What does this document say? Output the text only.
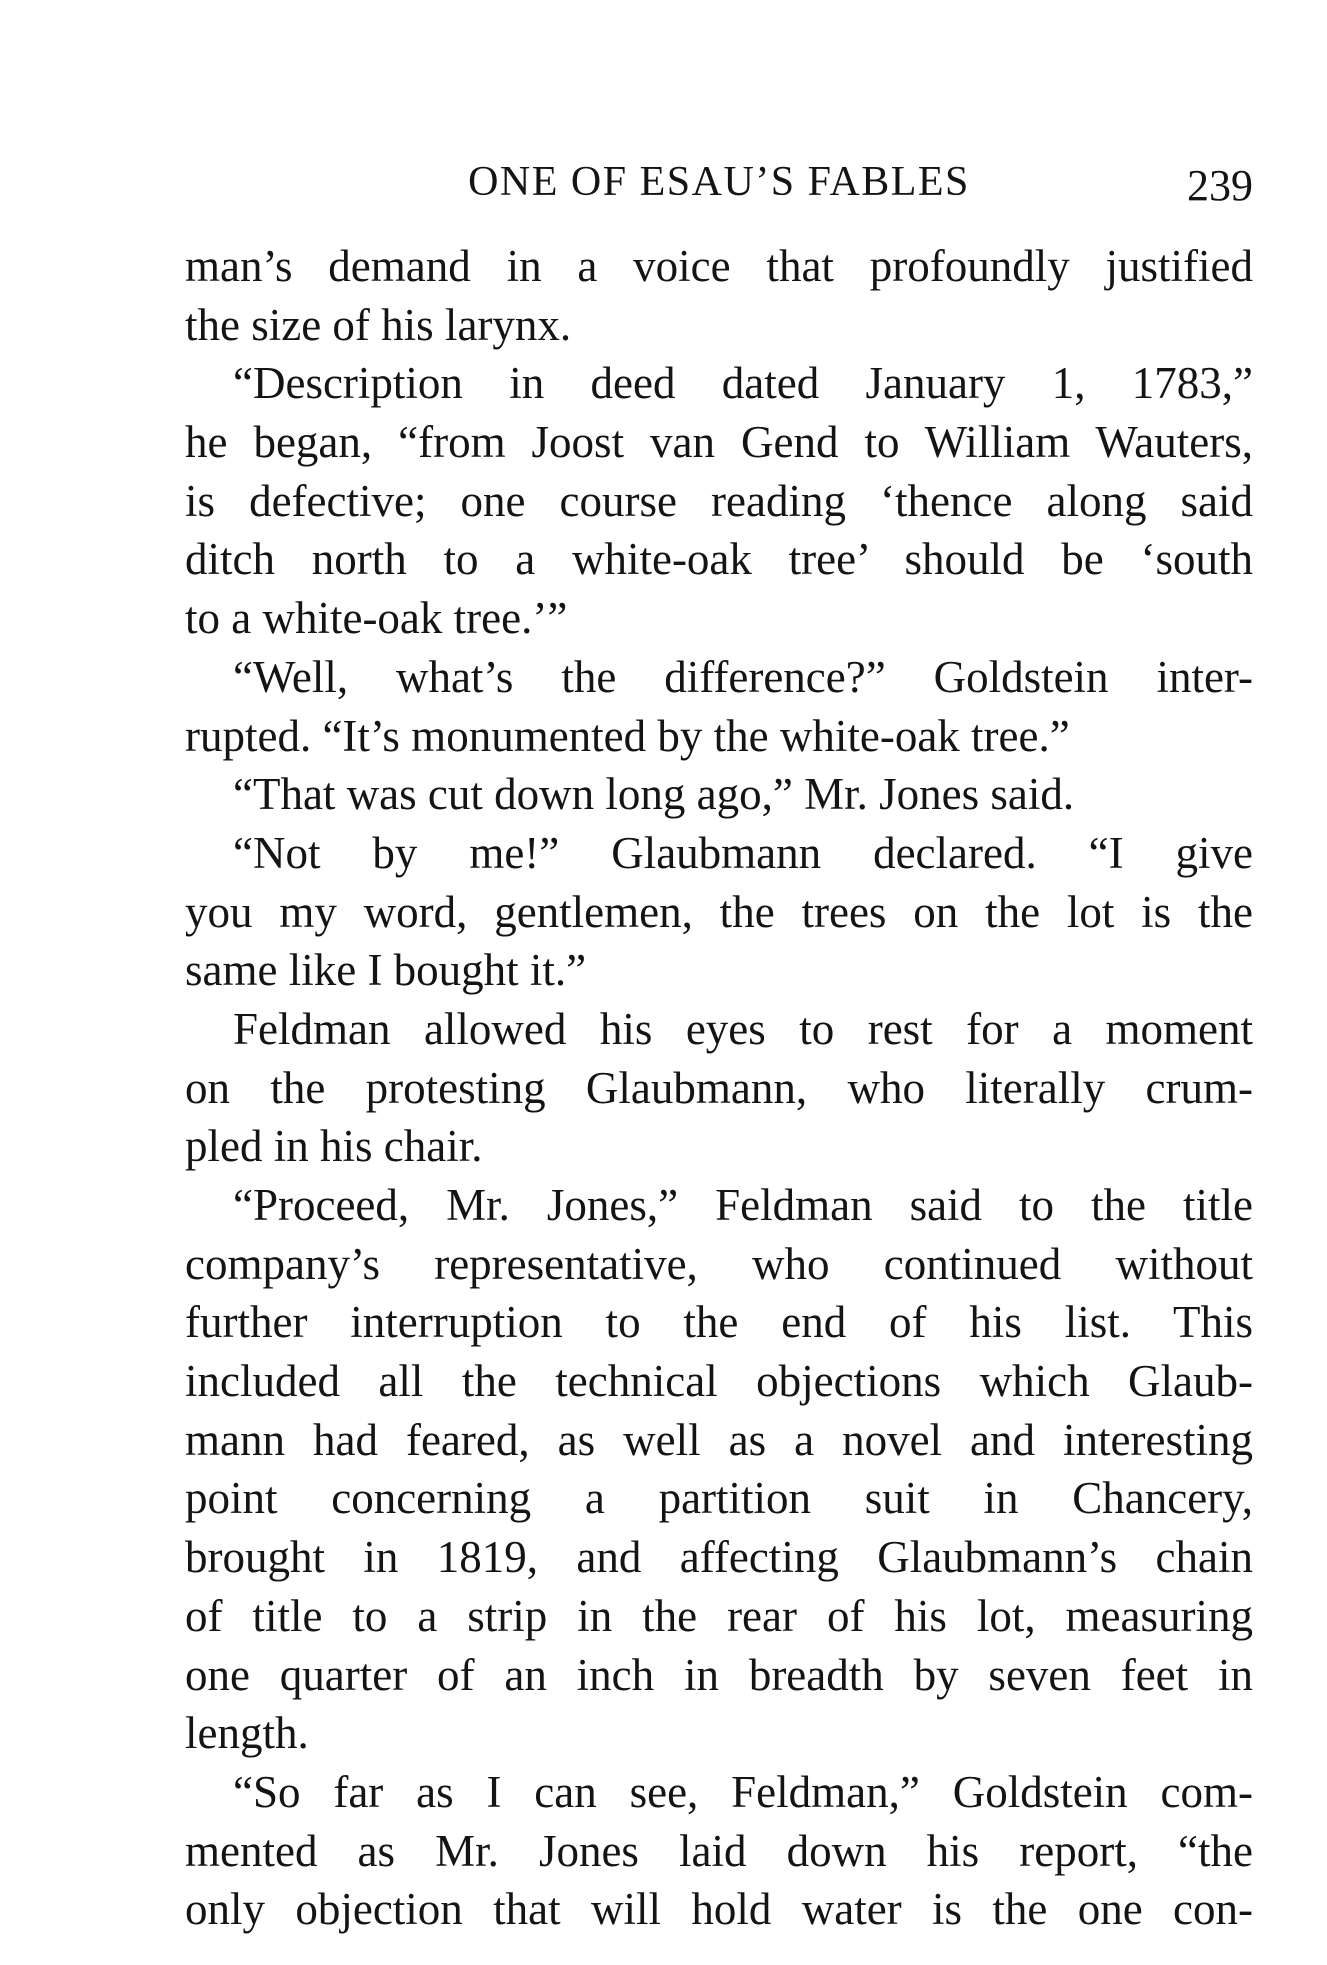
ONE OF ESAU’S FABLES	239
man’s demand in a voice that profoundly justified
the size of his larynx.
“Description in deed dated January 1, 1783,”
he began, “from Joost van Gend to William Wauters,
is defective; one course reading ‘thence along said
ditch north to a white-oak tree’ should be ‘south
to a white-oak tree.’”
“Well, what’s the difference?” Goldstein inter-
rupted. “It’s monumented by the white-oak tree.”
“That was cut down long ago,” Mr. Jones said.
“Not by me!” Glaubmann declared. “I give
you my word, gentlemen, the trees on the lot is the
same like I bought it.”
Feldman allowed his eyes to rest for a moment
on the protesting Glaubmann, who literally crum-
pled in his chair.
“Proceed, Mr. Jones,” Feldman said to the title
company’s representative, who continued without
further interruption to the end of his list. This
included all the technical objections which Glaub-
mann had feared, as well as a novel and interesting
point concerning a partition suit in Chancery,
brought in 1819, and affecting Glaubmann’s chain
of title to a strip in the rear of his lot, measuring
one quarter of an inch in breadth by seven feet in
length.
“So far as I can see, Feldman,” Goldstein com-
mented as Mr. Jones laid down his report, “the
only objection that will hold water is the one con-
